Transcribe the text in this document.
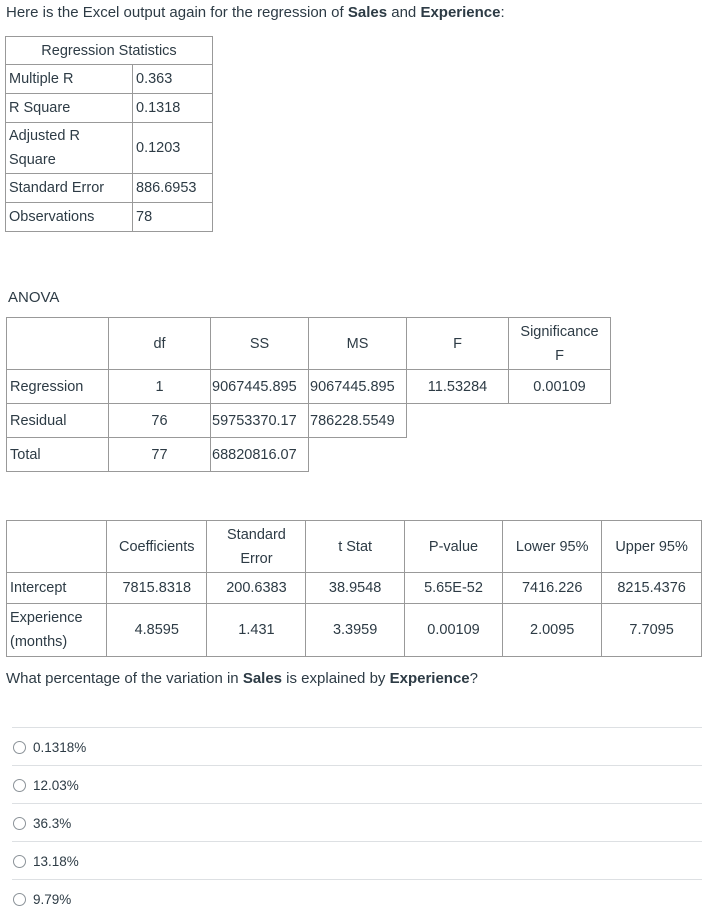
Here is the Excel output again for the regression of Sales and Experience:
Regression Statistics	
Multiple R	0.363
R Square	0.1318
Adjusted R
Square	0.1203
Standard Error	886.6953
Observations	78
ANOVA
	df	SS	MS	F	Significance
F
Regression	1	9067445.895	9067445.895	11.53284	0.00109
Residual	76	59753370.17	786228.5549		
Total	77	68820816.07			
	Coefficients	Standard
Error	t Stat	P-value	Lower 95%	Upper 95%
Intercept	7815.8318	200.6383	38.9548	5.65E-52	7416.226	8215.4376
Experience
(months)	4.8595	1.431	3.3959	0.00109	2.0095	7.7095
What percentage of the variation in Sales is explained by Experience?
0.1318%
12.03%
36.3%
13.18%
9.79%
